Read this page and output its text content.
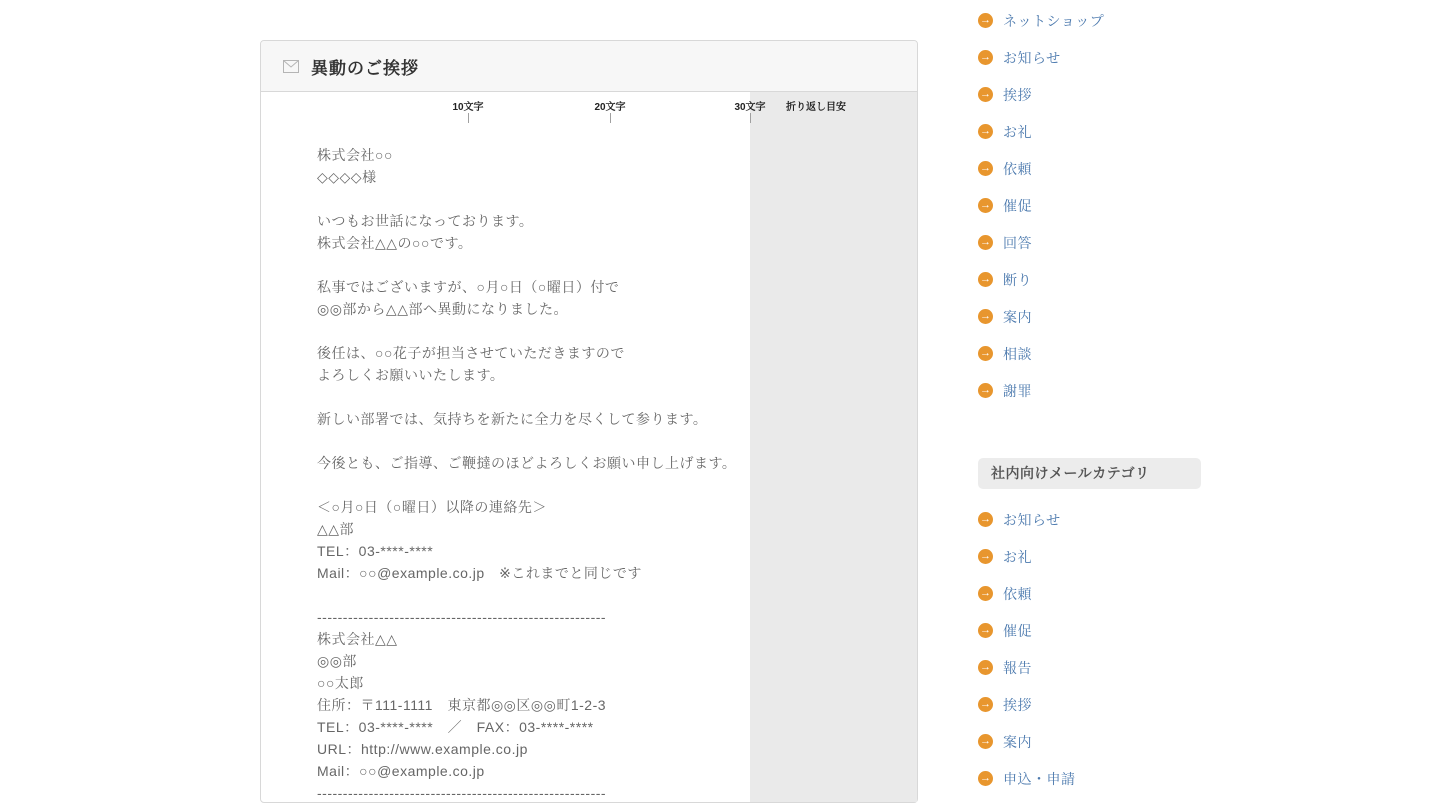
異動のご挨拶
10文字	20文字	30文字 折り返し目安
株式会社○○
◇◇◇◇様
いつもお世話になっております。
株式会社△△の○○です。
私事ではございますが、○月○日（○曜日）付で
◎◎部から△△部へ異動になりました。
後任は、○○花子が担当させていただきますので
よろしくお願いいたします。
新しい部署では、気持ちを新たに全力を尽くして参ります。
今後とも、ご指導、ご鞭撻のほどよろしくお願い申し上げます。
＜○月○日（○曜日）以降の連絡先＞
△△部
TEL：03-****-****
Mail：○○@example.co.jp　※これまでと同じです
--------------------------------------------------------
株式会社△△
◎◎部
○○太郎
住所：〒111-1111　東京都◎◎区◎◎町1-2-3
TEL：03-****-****　／　FAX：03-****-****
URL：http://www.example.co.jp
Mail：○○@example.co.jp
--------------------------------------------------------
→ ネットショップ
→ お知らせ
→ 挨拶
→ お礼
→ 依頼
→ 催促
→ 回答
→ 断り
→ 案内
→ 相談
→ 謝罪
社内向けメールカテゴリ
→ お知らせ
→ お礼
→ 依頼
→ 催促
→ 報告
→ 挨拶
→ 案内
→ 申込・申請
